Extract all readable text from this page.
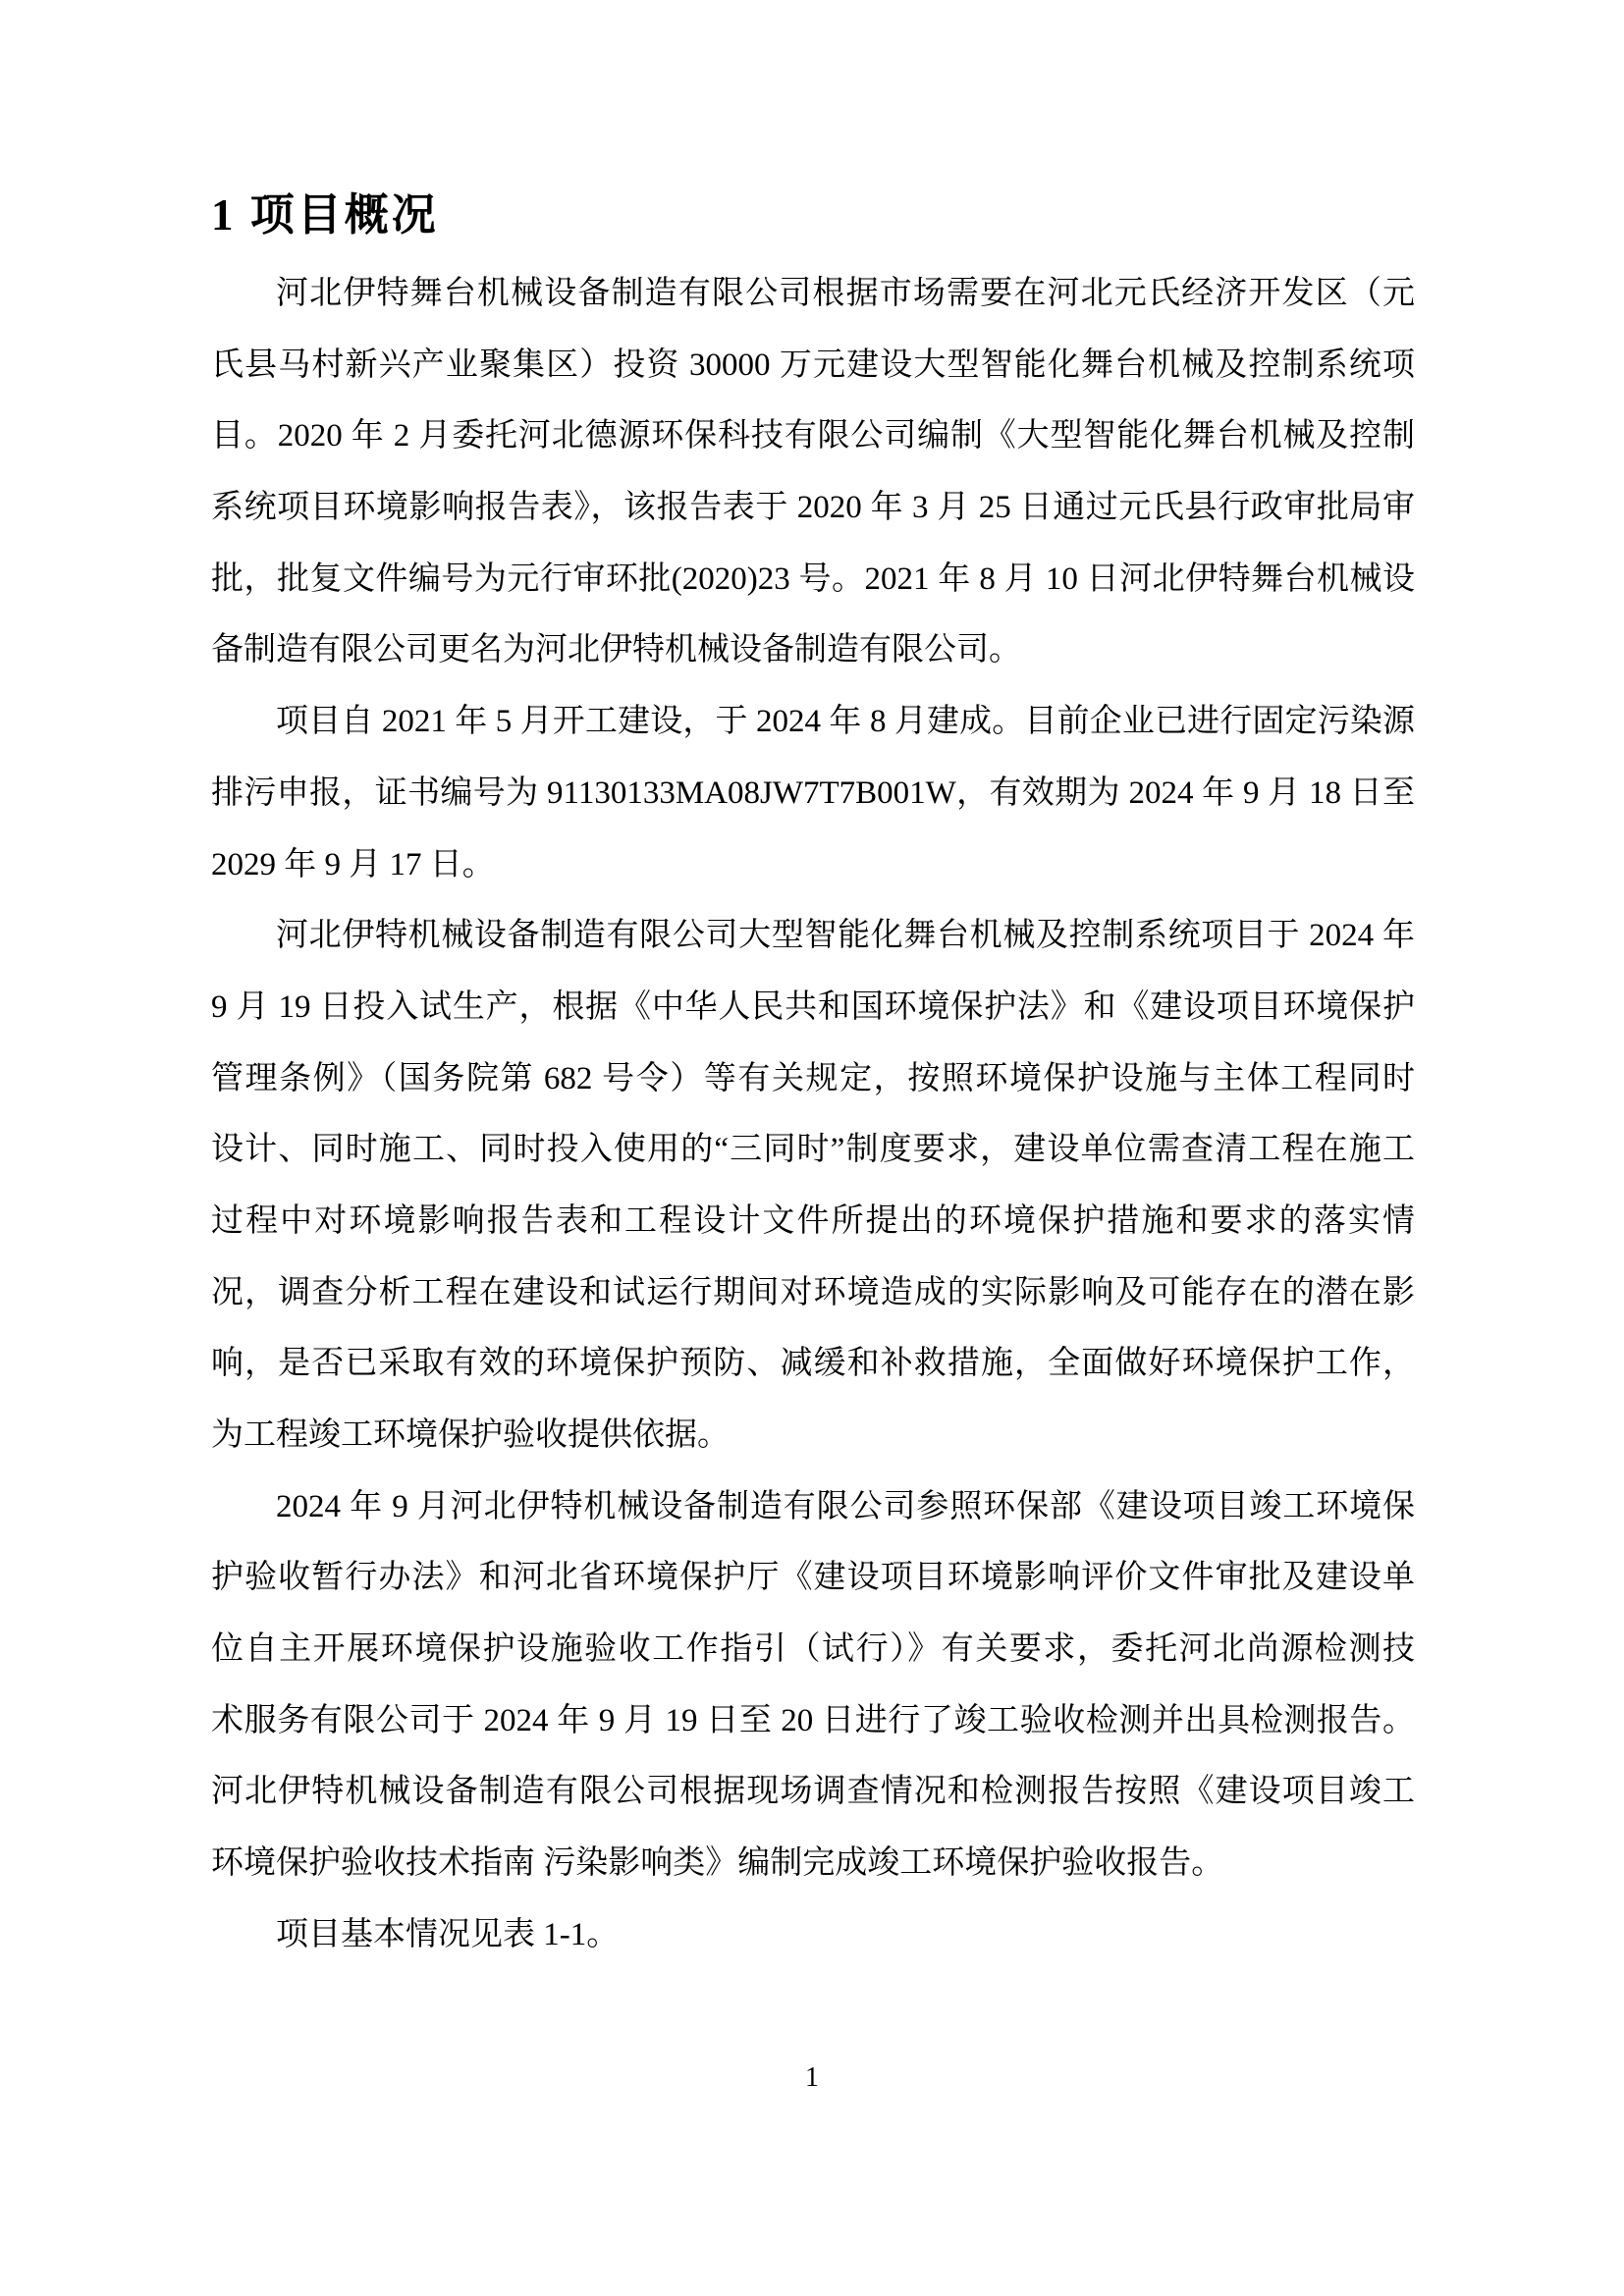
1 项目概况
河北伊特舞台机械设备制造有限公司根据市场需要在河北元氏经济开发区（元
氏县马村新兴产业聚集区）投资 30000 万元建设大型智能化舞台机械及控制系统项
目。2020 年 2 月委托河北德源环保科技有限公司编制《大型智能化舞台机械及控制
系统项目环境影响报告表》，该报告表于 2020 年 3 月 25 日通过元氏县行政审批局审
批，批复文件编号为元行审环批(2020)23 号。2021 年 8 月 10 日河北伊特舞台机械设
备制造有限公司更名为河北伊特机械设备制造有限公司。
项目自 2021 年 5 月开工建设，于 2024 年 8 月建成。目前企业已进行固定污染源
排污申报，证书编号为 91130133MA08JW7T7B001W，有效期为 2024 年 9 月 18 日至
2029 年 9 月 17 日。
河北伊特机械设备制造有限公司大型智能化舞台机械及控制系统项目于 2024 年
9 月 19 日投入试生产，根据《中华人民共和国环境保护法》和《建设项目环境保护
管理条例》（国务院第 682 号令）等有关规定，按照环境保护设施与主体工程同时
设计、同时施工、同时投入使用的“三同时”制度要求，建设单位需查清工程在施工
过程中对环境影响报告表和工程设计文件所提出的环境保护措施和要求的落实情
况，调查分析工程在建设和试运行期间对环境造成的实际影响及可能存在的潜在影
响，是否已采取有效的环境保护预防、减缓和补救措施，全面做好环境保护工作，
为工程竣工环境保护验收提供依据。
2024 年 9 月河北伊特机械设备制造有限公司参照环保部《建设项目竣工环境保
护验收暂行办法》和河北省环境保护厅《建设项目环境影响评价文件审批及建设单
位自主开展环境保护设施验收工作指引（试行）》有关要求，委托河北尚源检测技
术服务有限公司于 2024 年 9 月 19 日至 20 日进行了竣工验收检测并出具检测报告。
河北伊特机械设备制造有限公司根据现场调查情况和检测报告按照《建设项目竣工
环境保护验收技术指南 污染影响类》编制完成竣工环境保护验收报告。
项目基本情况见表 1-1。
1
